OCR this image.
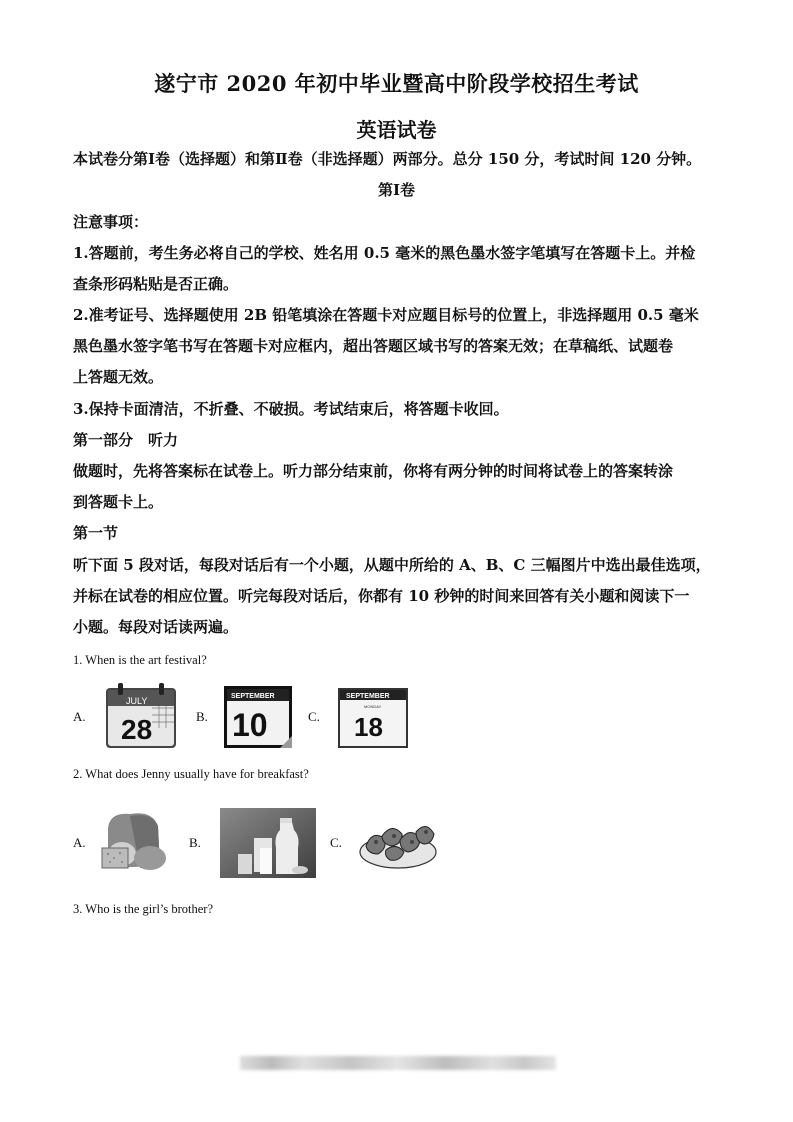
遂宁市 2020 年初中毕业暨高中阶段学校招生考试
英语试卷
本试卷分第Ⅰ卷（选择题）和第Ⅱ卷（非选择题）两部分。总分 150 分，考试时间 120 分钟。
第Ⅰ卷
注意事项：
1.答题前，考生务必将自己的学校、姓名用 0.5 毫米的黑色墨水签字笔填写在答题卡上。并检
查条形码粘贴是否正确。
2.准考证号、选择题使用 2B 铅笔填涂在答题卡对应题目标号的位置上，非选择题用 0.5 毫米
黑色墨水签字笔书写在答题卡对应框内，超出答题区域书写的答案无效；在草稿纸、试题卷
上答题无效。
3.保持卡面清洁，不折叠、不破损。考试结束后，将答题卡收回。
第一部分　听力
做题时，先将答案标在试卷上。听力部分结束前，你将有两分钟的时间将试卷上的答案转涂
到答题卡上。
第一节
听下面 5 段对话，每段对话后有一个小题，从题中所给的 A、B、C 三幅图片中选出最佳选项，
并标在试卷的相应位置。听完每段对话后，你都有 10 秒钟的时间来回答有关小题和阅读下一
小题。每段对话读两遍。
1. When is the art festival?
A.
JULY
28	B.
SEPTEMBER
10	C.
SEPTEMBER
MONDAY
18
2. What does Jenny usually have for breakfast?
A.	B.	C.
3. Who is the girl’s brother?
